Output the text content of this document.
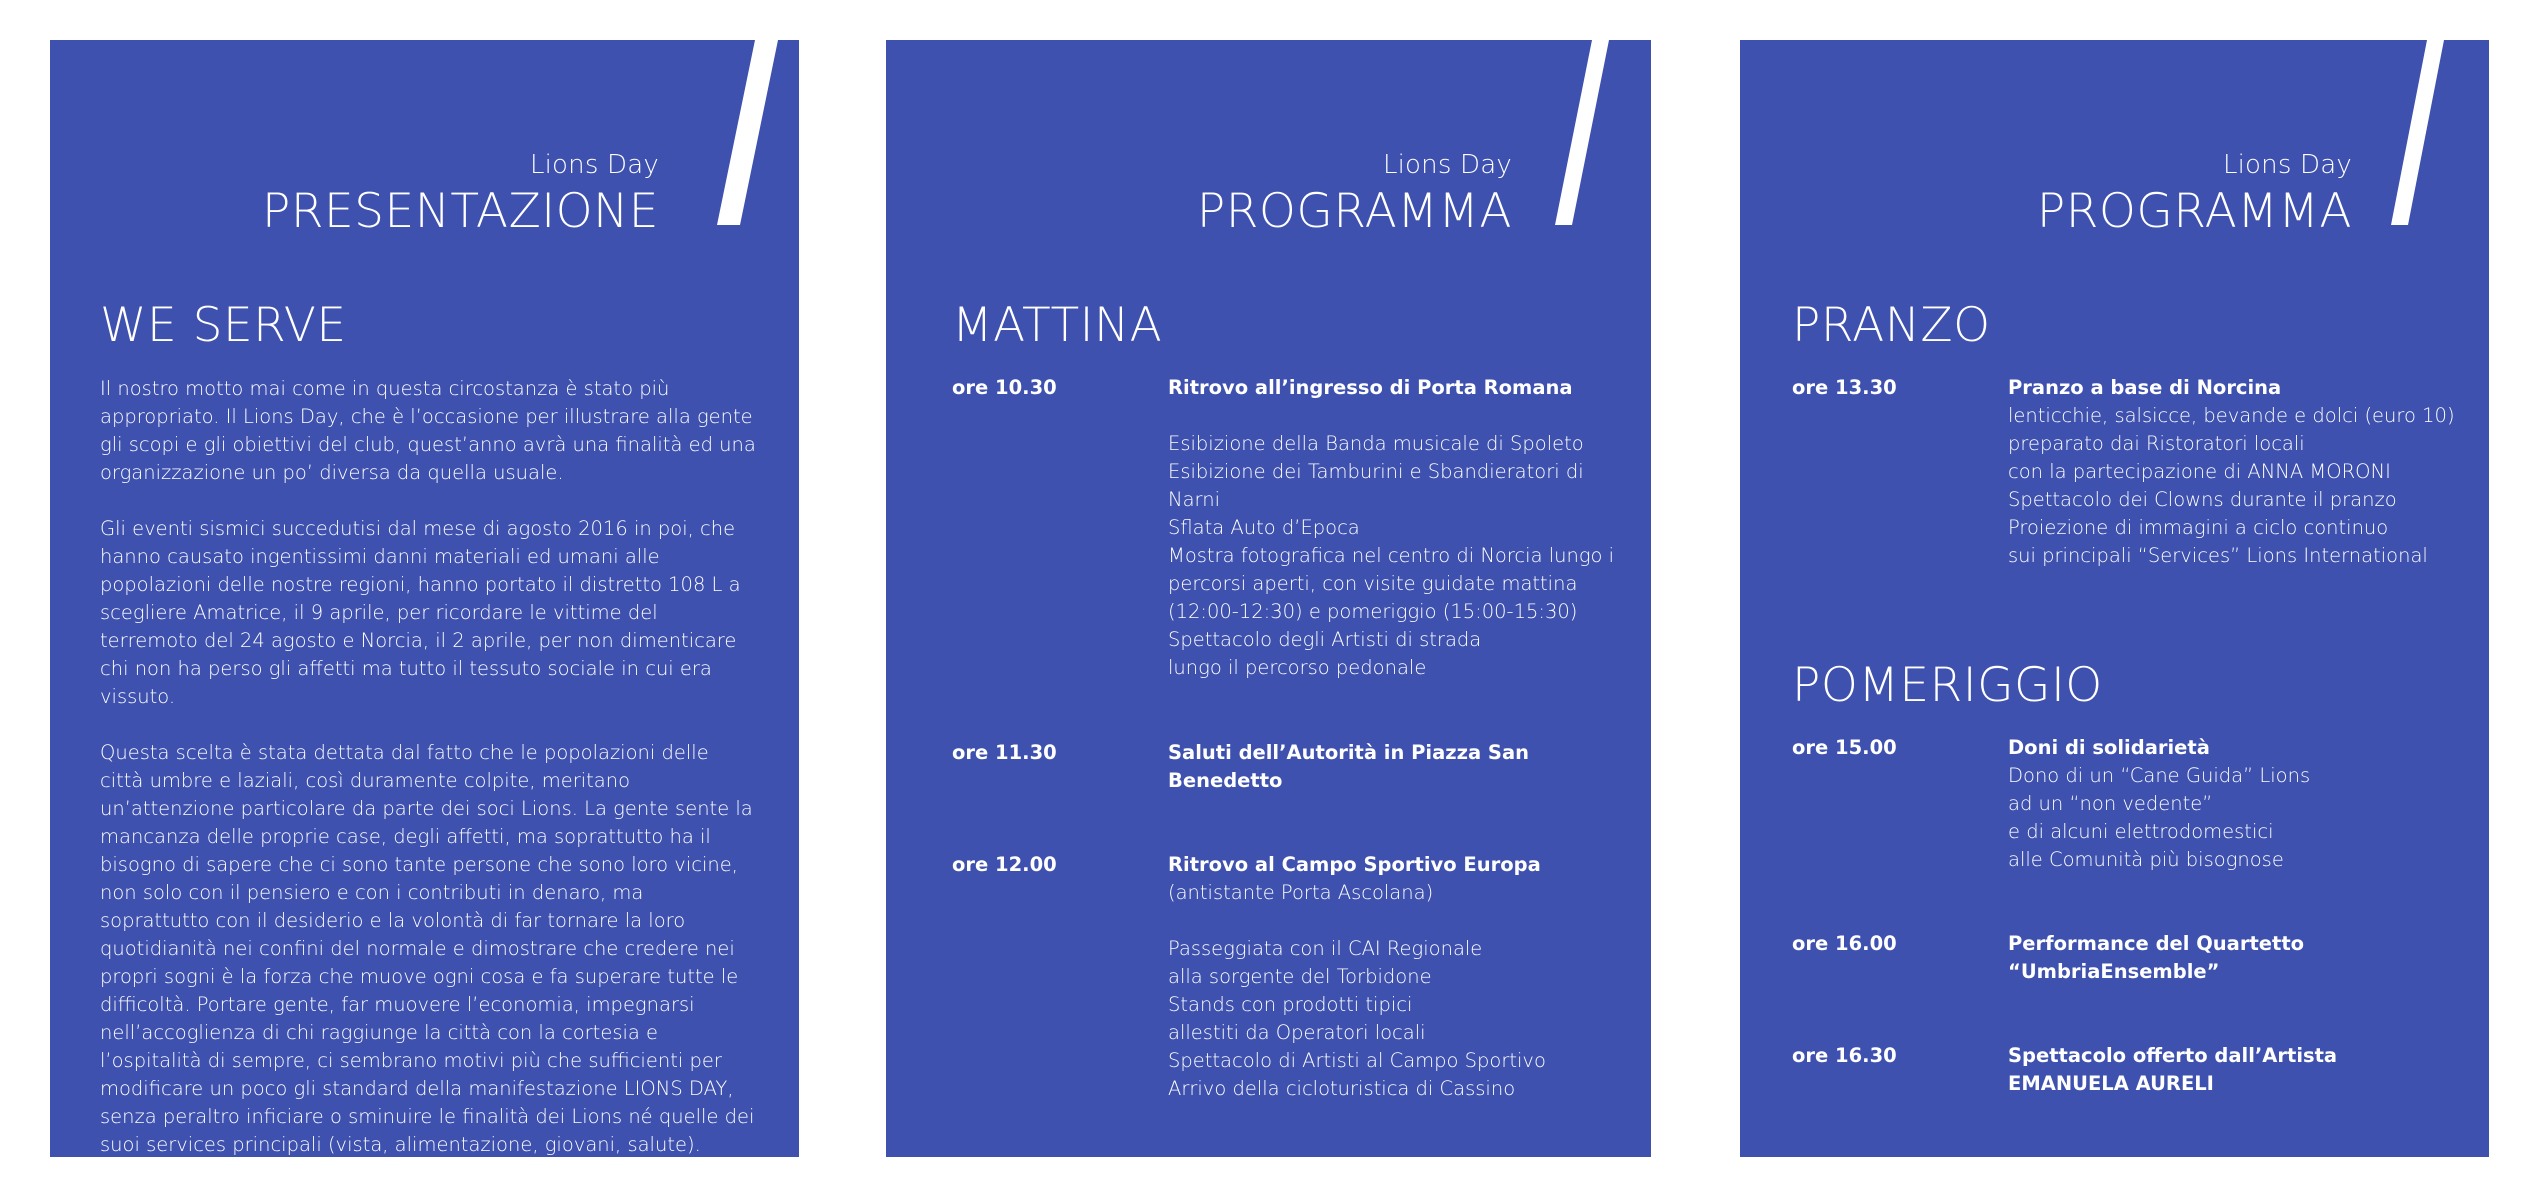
Lions Day
PRESENTAZIONE
WE SERVE

Il nostro motto mai come in questa circostanza è stato più appropriato. Il Lions Day, che è l’occasione per illustrare alla gente gli scopi e gli obiettivi del club, quest’anno avrà una finalità ed una organizzazione un po’ diversa da quella usuale.

Gli eventi sismici succedutisi dal mese di agosto 2016 in poi, che hanno causato ingentissimi danni materiali ed umani alle popolazioni delle nostre regioni, hanno portato il distretto 108 L a scegliere Amatrice, il 9 aprile, per ricordare le vittime del terremoto del 24 agosto e Norcia, il 2 aprile, per non dimenticare chi non ha perso gli affetti ma tutto il tessuto sociale in cui era vissuto.

Questa scelta è stata dettata dal fatto che le popolazioni delle città umbre e laziali, così duramente colpite, meritano un’attenzione particolare da parte dei soci Lions. La gente sente la mancanza delle proprie case, degli affetti, ma soprattutto ha il bisogno di sapere che ci sono tante persone che sono loro vicine, non solo con il pensiero e con i contributi in denaro, ma soprattutto con il desiderio e la volontà di far tornare la loro quotidianità nei confini del normale e dimostrare che credere nei propri sogni è la forza che muove ogni cosa e fa superare tutte le difficoltà. Portare gente, far muovere l’economia, impegnarsi nell’accoglienza di chi raggiunge la città con la cortesia e l’ospitalità di sempre, ci sembrano motivi più che sufficienti per modificare un poco gli standard della manifestazione LIONS DAY, senza peraltro inficiare o sminuire le finalità dei Lions né quelle dei suoi services principali (vista, alimentazione, giovani, salute).

Lions Day
PROGRAMMA
MATTINA
ore 10.30	Ritrovo all’ingresso di Porta Romana
Esibizione della Banda musicale di Spoleto
Esibizione dei Tamburini e Sbandieratori di Narni
Sflata Auto d’Epoca
Mostra fotografica nel centro di Norcia lungo i
percorsi aperti, con visite guidate mattina
(12:00-12:30) e pomeriggio (15:00-15:30)
Spettacolo degli Artisti di strada
lungo il percorso pedonale
ore 11.30	Saluti dell’Autorità in Piazza San Benedetto
ore 12.00	Ritrovo al Campo Sportivo Europa
(antistante Porta Ascolana)
Passeggiata con il CAI Regionale
alla sorgente del Torbidone
Stands con prodotti tipici
allestiti da Operatori locali
Spettacolo di Artisti al Campo Sportivo
Arrivo della cicloturistica di Cassino
Lions Day
PROGRAMMA
PRANZO
ore 13.30	Pranzo a base di Norcina
lenticchie, salsicce, bevande e dolci (euro 10)
preparato dai Ristoratori locali
con la partecipazione di ANNA MORONI
Spettacolo dei Clowns durante il pranzo
Proiezione di immagini a ciclo continuo
sui principali “Services” Lions International
POMERIGGIO
ore 15.00	Doni di solidarietà
Dono di un “Cane Guida” Lions
ad un “non vedente”
e di alcuni elettrodomestici
alle Comunità più bisognose
ore 16.00	Performance del Quartetto
“UmbriaEnsemble”
ore 16.30	Spettacolo offerto dall’Artista
EMANUELA AURELI
